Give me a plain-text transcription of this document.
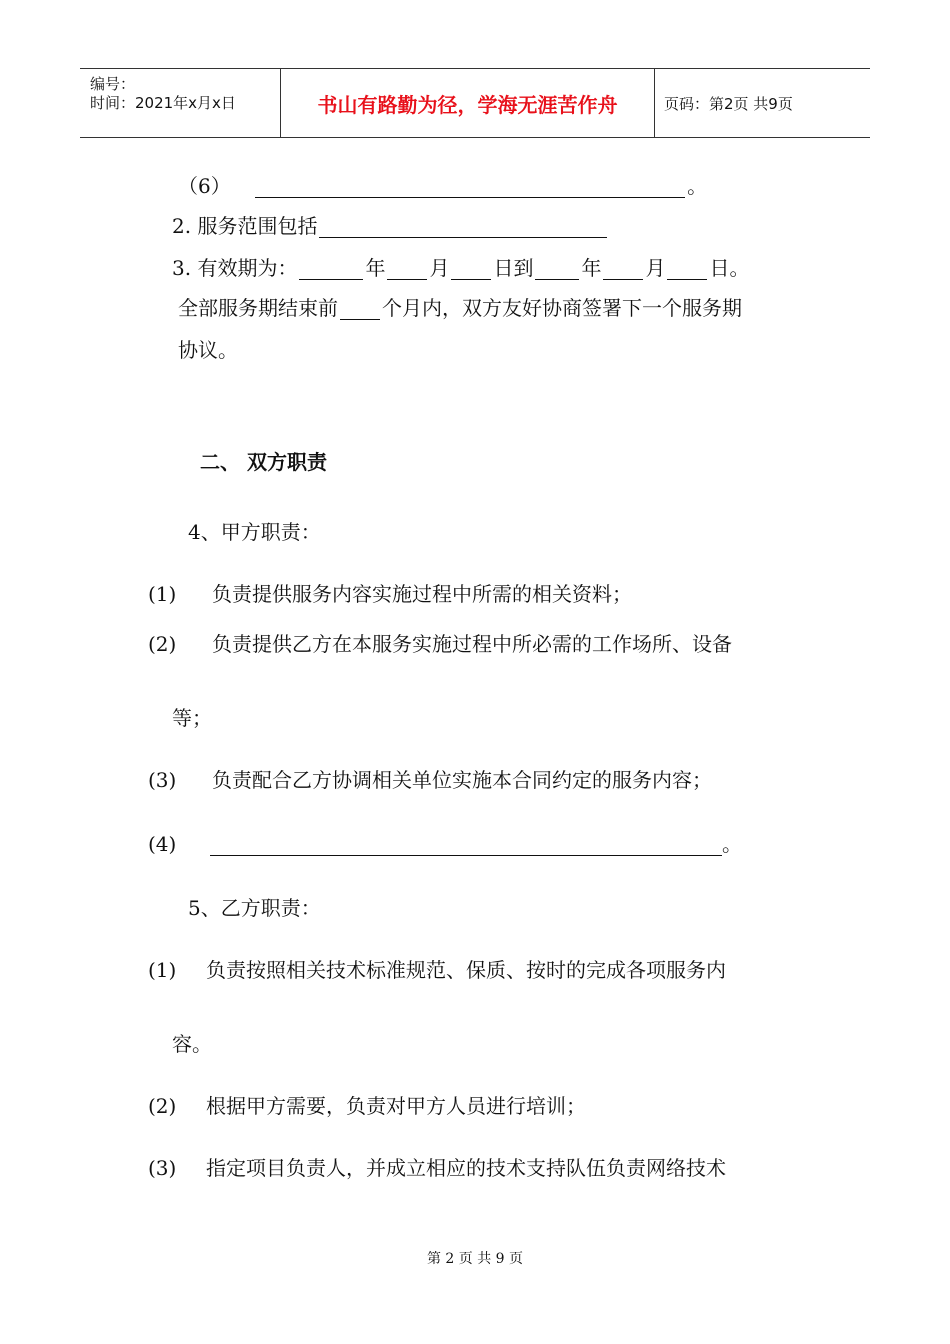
编号：
时间：2021年x月x日	书山有路勤为径，学海无涯苦作舟	页码：第2页 共9页
（6）	。
2. 服务范围包括
3. 有效期为：	年 月 日到 年 月 日。
全部服务期结束前 个月内，双方友好协商签署下一个服务期
协议。
二、 双方职责
4、甲方职责：
(1) 负责提供服务内容实施过程中所需的相关资料；
(2) 负责提供乙方在本服务实施过程中所必需的工作场所、设备
等；
(3) 负责配合乙方协调相关单位实施本合同约定的服务内容；
(4)	。
5、乙方职责：
(1) 负责按照相关技术标准规范、保质、按时的完成各项服务内
容。
(2) 根据甲方需要，负责对甲方人员进行培训；
(3) 指定项目负责人，并成立相应的技术支持队伍负责网络技术
第 2 页 共 9 页
